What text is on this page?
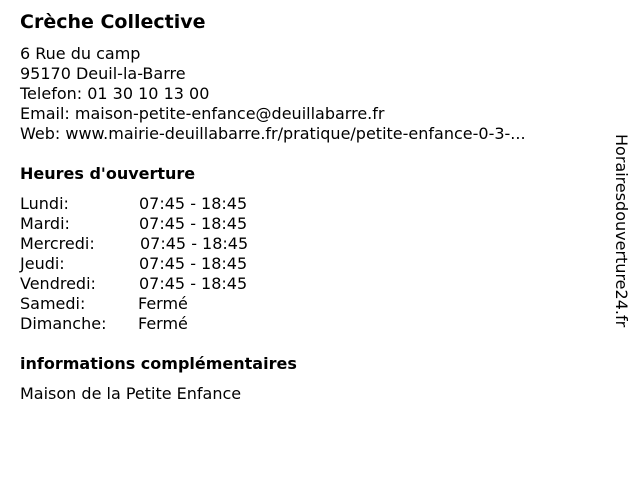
Crèche Collective
6 Rue du camp
95170 Deuil-la-Barre
Telefon: 01 30 10 13 00
Email: maison-petite-enfance@deuillabarre.fr
Web: www.mairie-deuillabarre.fr/pratique/petite-enfance-0-3-...
Heures d'ouverture
Lundi:	07:45 - 18:45
Mardi:	07:45 - 18:45
Mercredi:	07:45 - 18:45
Jeudi:	07:45 - 18:45
Vendredi:	07:45 - 18:45
Samedi:	Fermé
Dimanche: Fermé
informations complémentaires
Maison de la Petite Enfance
Horairesdouverture24.fr
